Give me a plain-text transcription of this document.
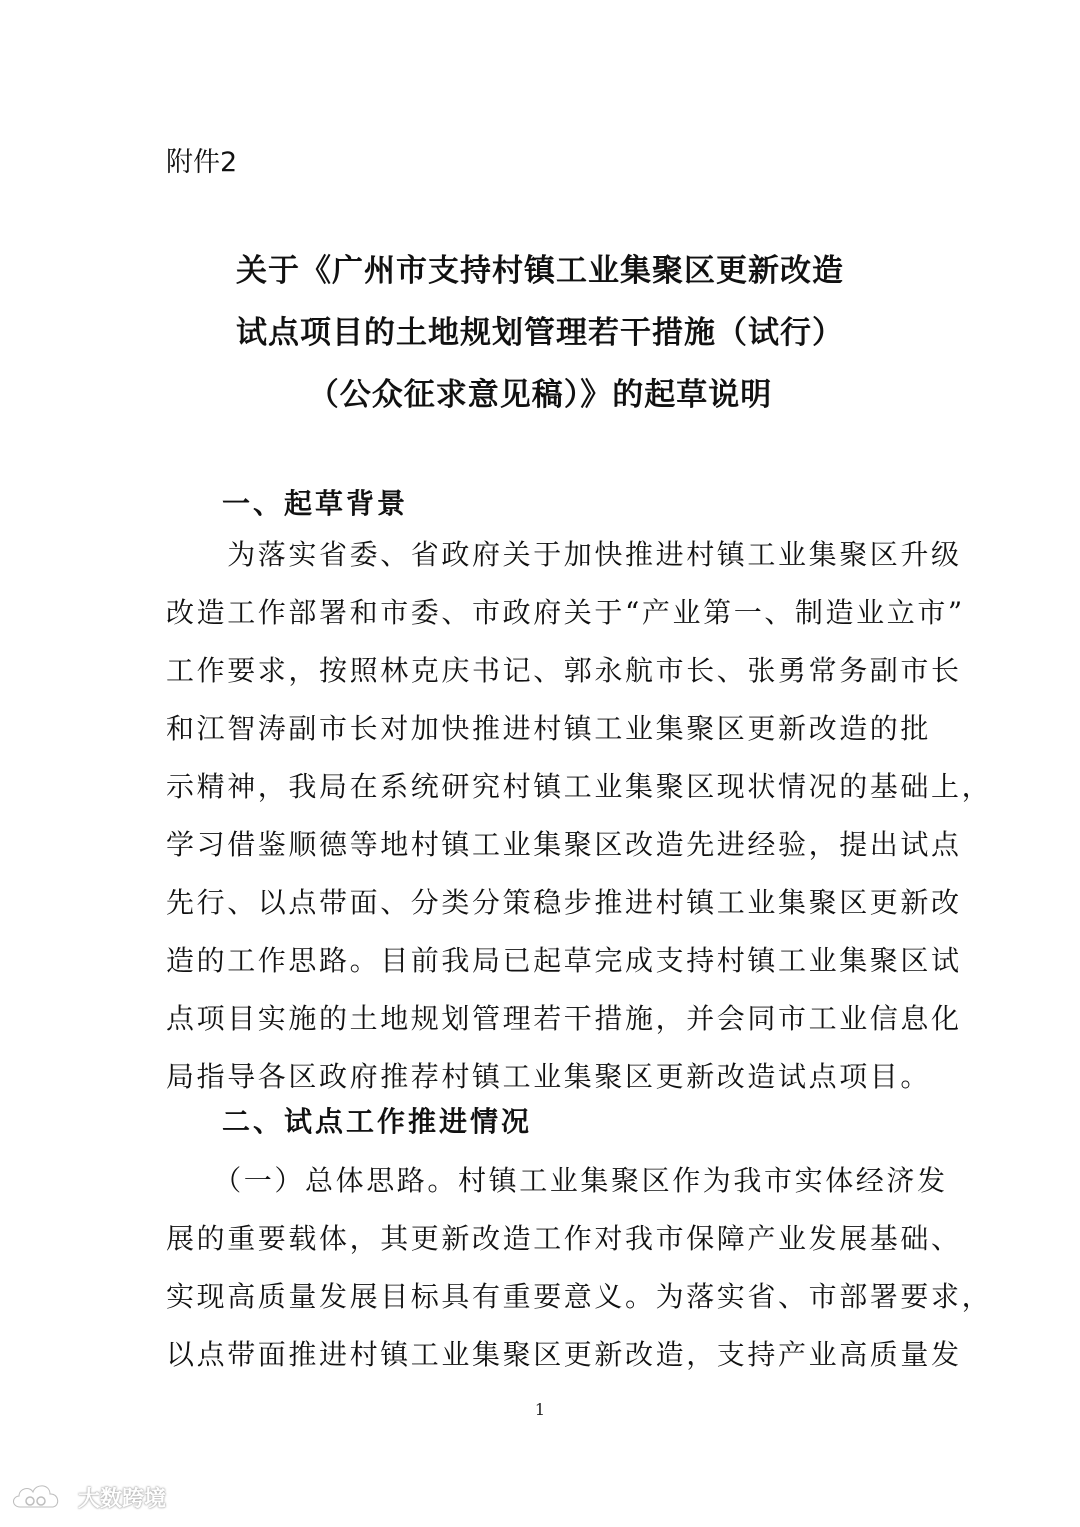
附件2
关于《广州市支持村镇工业集聚区更新改造
试点项目的土地规划管理若干措施（试行）
（公众征求意见稿）》的起草说明
一、起草背景
　　为落实省委、省政府关于加快推进村镇工业集聚区升级
改造工作部署和市委、市政府关于“产业第一、制造业立市”
工作要求，按照林克庆书记、郭永航市长、张勇常务副市长
和江智涛副市长对加快推进村镇工业集聚区更新改造的批
示精神，我局在系统研究村镇工业集聚区现状情况的基础上，
学习借鉴顺德等地村镇工业集聚区改造先进经验，提出试点
先行、以点带面、分类分策稳步推进村镇工业集聚区更新改
造的工作思路。目前我局已起草完成支持村镇工业集聚区试
点项目实施的土地规划管理若干措施，并会同市工业信息化
局指导各区政府推荐村镇工业集聚区更新改造试点项目。
二、试点工作推进情况
　　（一）总体思路。村镇工业集聚区作为我市实体经济发
展的重要载体，其更新改造工作对我市保障产业发展基础、
实现高质量发展目标具有重要意义。为落实省、市部署要求，
以点带面推进村镇工业集聚区更新改造，支持产业高质量发
1
大数跨境
